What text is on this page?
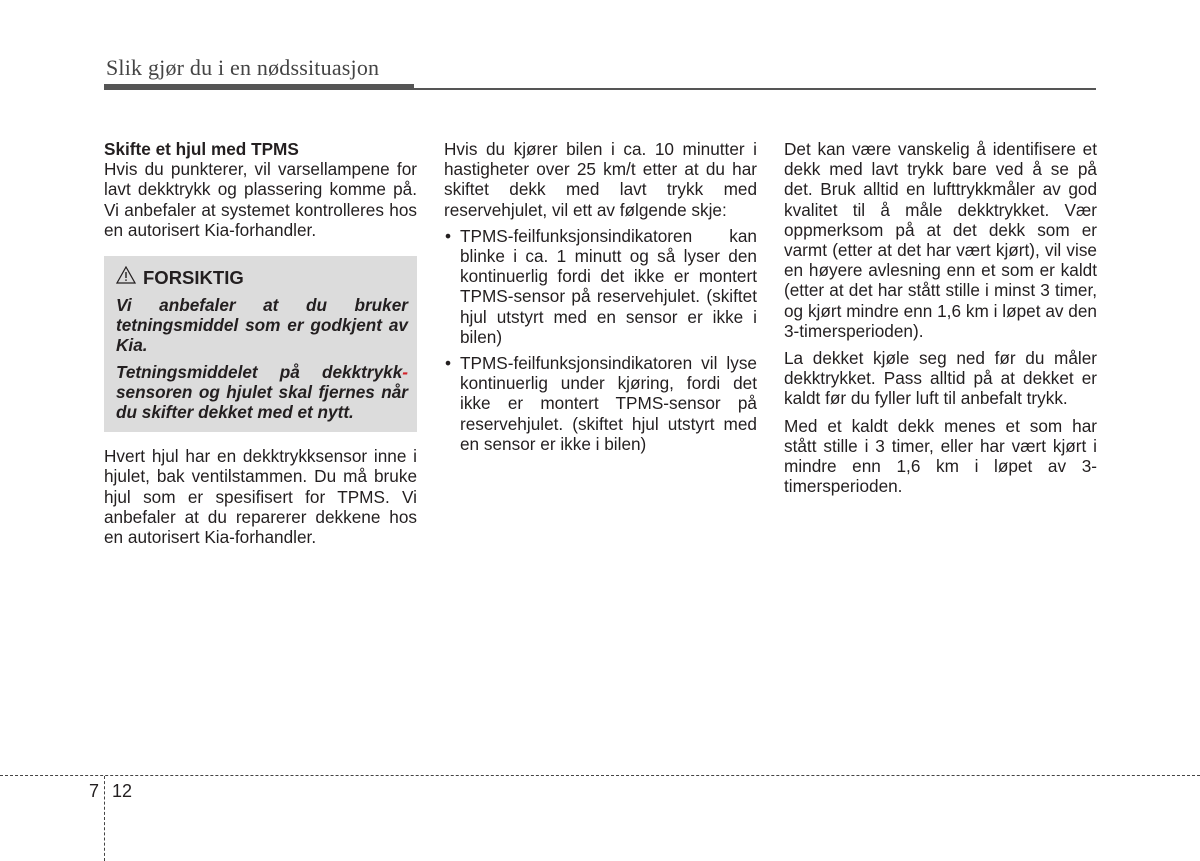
Slik gjør du i en nødssituasjon

Skifte et hjul med TPMS

Hvis du punkterer, vil varsellampene for lavt dekktrykk og plassering komme på. Vi anbefaler at systemet kontrolleres hos en autorisert Kia-forhandler.

FORSIKTIG

Vi anbefaler at du bruker tetningsmiddel som er godkjent av Kia.

Tetningsmiddelet på dekktrykk- sensoren og hjulet skal fjernes når du skifter dekket med et nytt.

Hvert hjul har en dekktrykksensor inne i hjulet, bak ventilstammen. Du må bruke hjul som er spesifisert for TPMS. Vi anbefaler at du reparerer dekkene hos en autorisert Kia-forhandler.

Hvis du kjører bilen i ca. 10 minutter i hastigheter over 25 km/t etter at du har skiftet dekk med lavt trykk med reservehjulet, vil ett av følgende skje:

• TPMS-feilfunksjonsindikatoren kan blinke i ca. 1 minutt og så lyser den kontinuerlig fordi det ikke er montert TPMS-sensor på reservehjulet. (skiftet hjul utstyrt med en sensor er ikke i bilen)
• TPMS-feilfunksjonsindikatoren vil lyse kontinuerlig under kjøring, fordi det ikke er montert TPMS-sensor på reservehjulet. (skiftet hjul utstyrt med en sensor er ikke i bilen)

Det kan være vanskelig å identifisere et dekk med lavt trykk bare ved å se på det. Bruk alltid en lufttrykkmåler av god kvalitet til å måle dekktrykket. Vær oppmerksom på at det dekk som er varmt (etter at det har vært kjørt), vil vise en høyere avlesning enn et som er kaldt (etter at det har stått stille i minst 3 timer, og kjørt mindre enn 1,6 km i løpet av den 3-timersperioden).

La dekket kjøle seg ned før du måler dekktrykket. Pass alltid på at dekket er kaldt før du fyller luft til anbefalt trykk.

Med et kaldt dekk menes et som har stått stille i 3 timer, eller har vært kjørt i mindre enn 1,6 km i løpet av 3-timersperioden.

7 12
